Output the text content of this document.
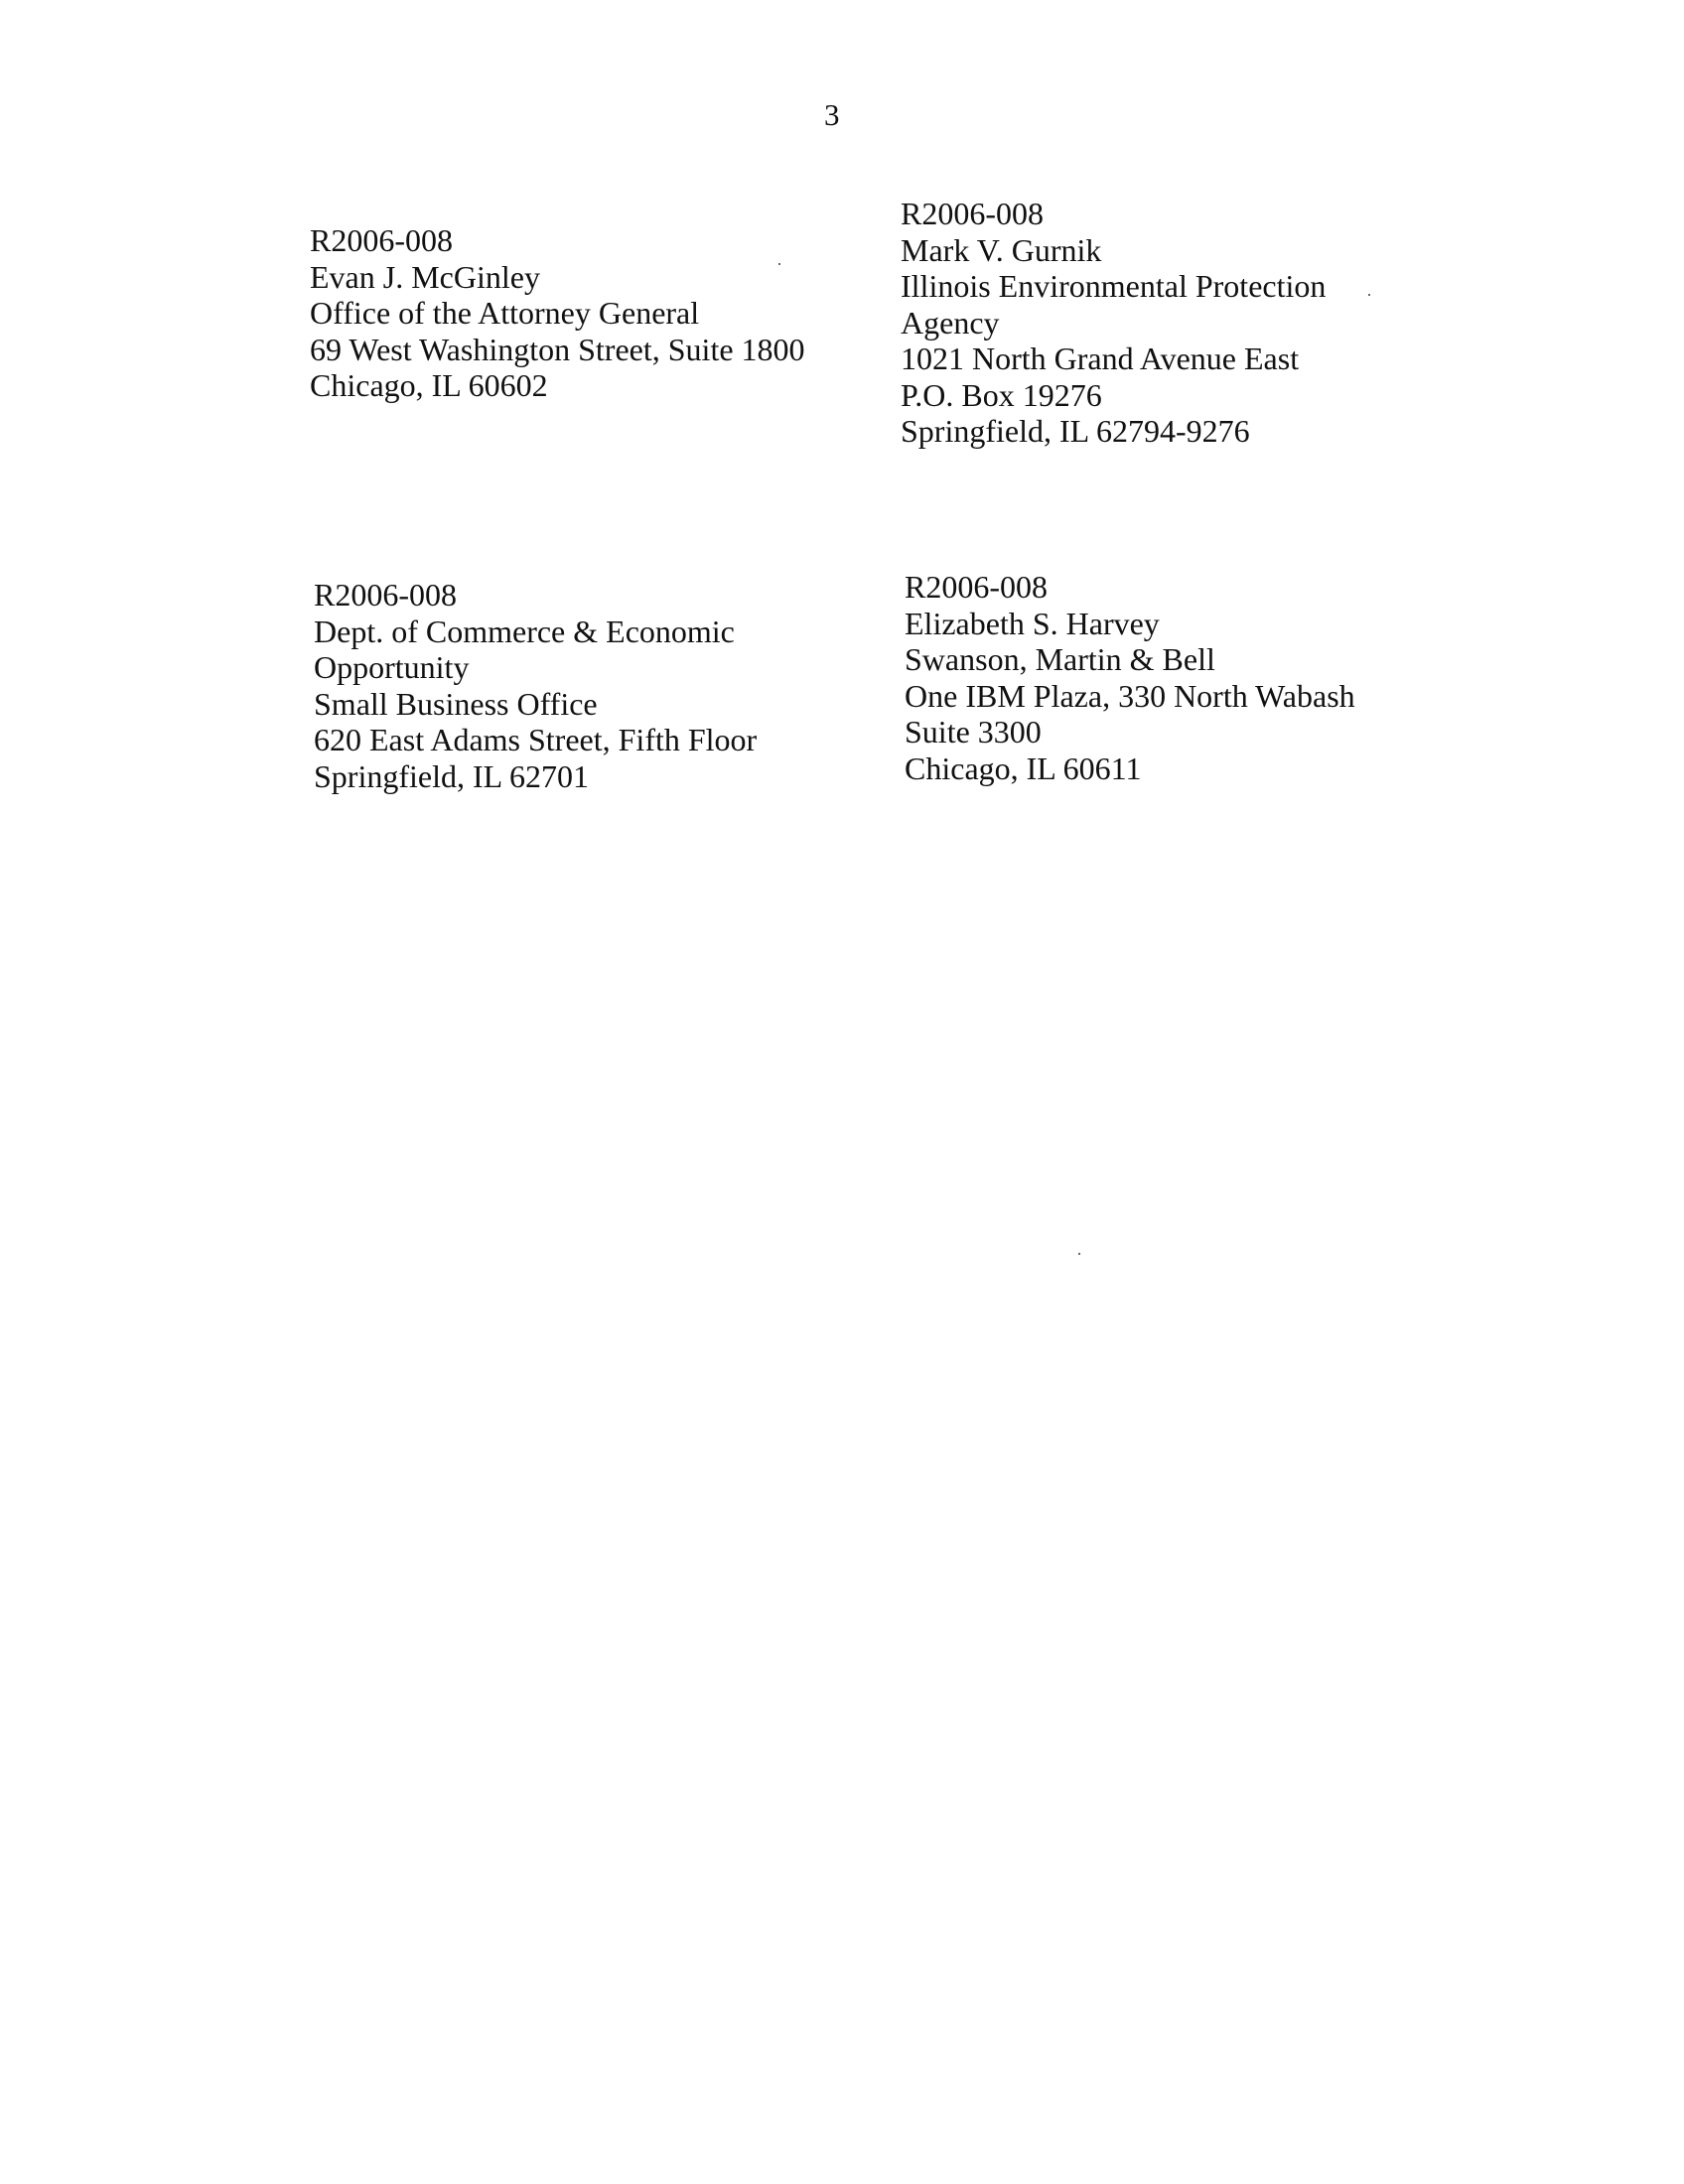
3
R2006-008
Evan J. McGinley
Office of the Attorney General
69 West Washington Street, Suite 1800
Chicago, IL 60602
R2006-008
Mark V. Gurnik
Illinois Environmental Protection
Agency
1021 North Grand Avenue East
P.O. Box 19276
Springfield, IL 62794-9276
R2006-008
Dept. of Commerce & Economic
Opportunity
Small Business Office
620 East Adams Street, Fifth Floor
Springfield, IL 62701
R2006-008
Elizabeth S. Harvey
Swanson, Martin & Bell
One IBM Plaza, 330 North Wabash
Suite 3300
Chicago, IL 60611
